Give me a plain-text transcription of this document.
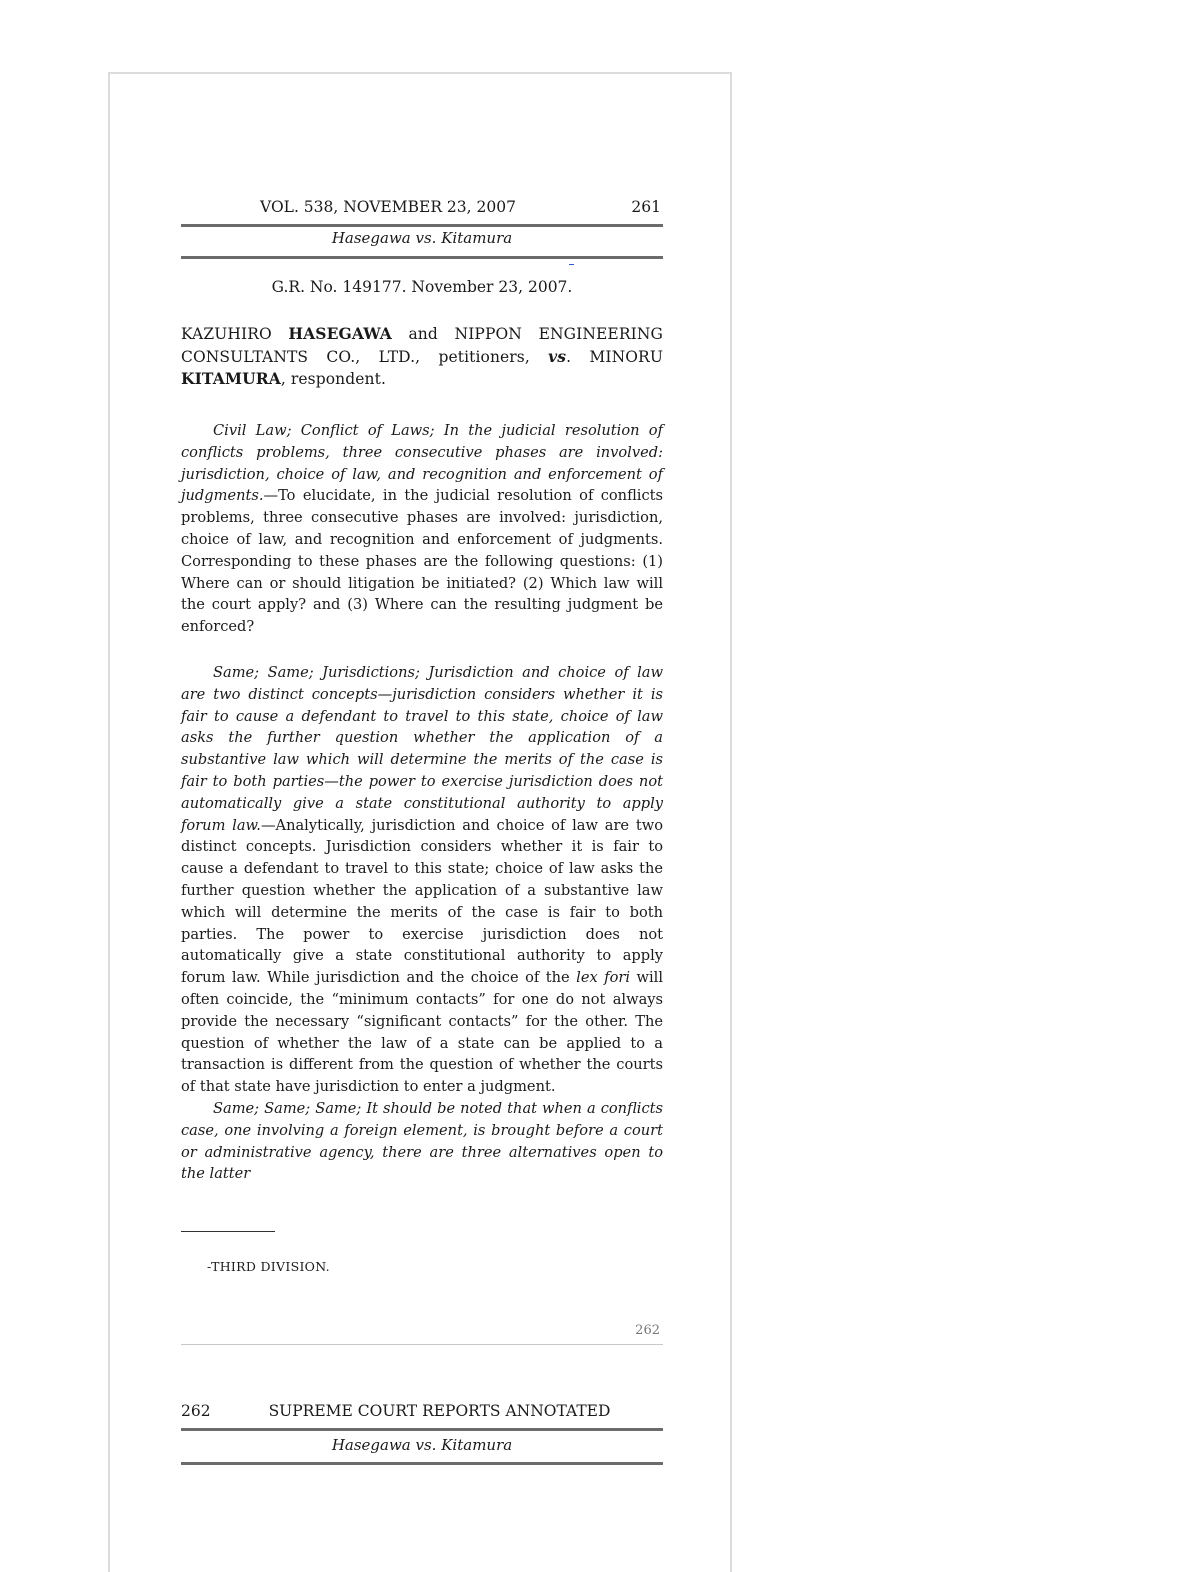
VOL. 538, NOVEMBER 23, 2007	261
Hasegawa vs. Kitamura
G.R. No. 149177. November 23, 2007.
KAZUHIRO HASEGAWA and NIPPON ENGINEERING CONSULTANTS CO., LTD., petitioners, vs. MINORU KITAMURA, respondent.

Civil Law; Conflict of Laws; In the judicial resolution of conflicts problems, three consecutive phases are involved: jurisdiction, choice of law, and recognition and enforcement of judgments.—To elucidate, in the judicial resolution of conflicts problems, three consecutive phases are involved: jurisdiction, choice of law, and recognition and enforcement of judgments. Corresponding to these phases are the following questions: (1) Where can or should litigation be initiated? (2) Which law will the court apply? and (3) Where can the resulting judgment be enforced?

Same; Same; Jurisdictions; Jurisdiction and choice of law are two distinct concepts—jurisdiction considers whether it is fair to cause a defendant to travel to this state, choice of law asks the further question whether the application of a substantive law which will determine the merits of the case is fair to both parties—the power to exercise jurisdiction does not automatically give a state constitutional authority to apply forum law.—Analytically, jurisdiction and choice of law are two distinct concepts. Jurisdiction considers whether it is fair to cause a defendant to travel to this state; choice of law asks the further question whether the application of a substantive law which will determine the merits of the case is fair to both parties. The power to exercise jurisdiction does not automatically give a state constitutional authority to apply forum law. While jurisdiction and the choice of the lex fori will often coincide, the “minimum contacts” for one do not always provide the necessary “significant contacts” for the other. The question of whether the law of a state can be applied to a transaction is different from the question of whether the courts of that state have jurisdiction to enter a judgment.

Same; Same; Same; It should be noted that when a conflicts case, one involving a foreign element, is brought before a court or administrative agency, there are three alternatives open to the latter

-THIRD DIVISION.
262
262	SUPREME COURT REPORTS ANNOTATED
Hasegawa vs. Kitamura
